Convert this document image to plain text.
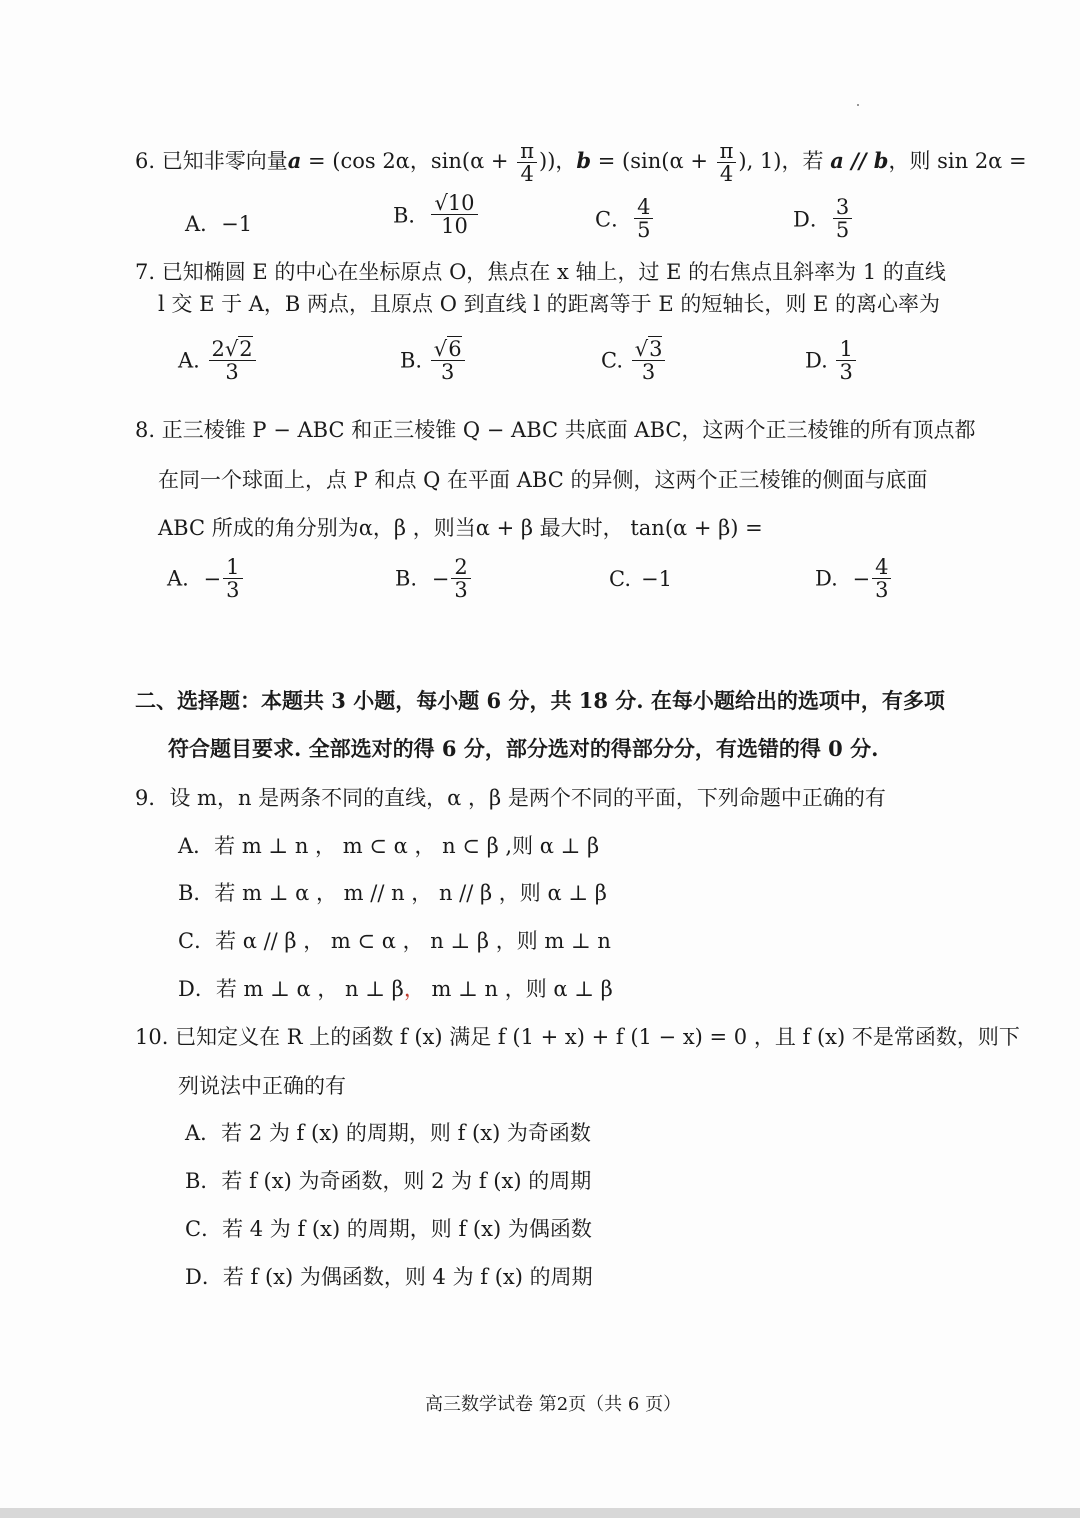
6. 已知非零向量a = (cos 2α，$\sin(\alpha + \frac{\pi}{4}$ ))，$b = (\sin(\alpha + \frac{\pi}{4}$ ), 1)，若 a // b，则 sin 2α =
A．−1	B． $\frac{√10}{10}$	C． $\frac{4}{5}$	D． $\frac{3}{5}$
7. 已知椭圆 E 的中心在坐标原点 O，焦点在 x 轴上，过 E 的右焦点且斜率为 1 的直线
l 交 E 于 A，B 两点，且原点 O 到直线 l 的距离等于 E 的短轴长，则 E 的离心率为
A. $\frac{2√2}{3}$	B. $\frac{√6}{3}$	C. $\frac{√3}{3}$	D. $\frac{1}{3}$
8. 正三棱锥 P − ABC 和正三棱锥 Q − ABC 共底面 ABC，这两个正三棱锥的所有顶点都
在同一个球面上，点 P 和点 Q 在平面 ABC 的异侧，这两个正三棱锥的侧面与底面
ABC 所成的角分别为α，β ，则当α + β 最大时， tan(α + β) =
A. − $\frac{1}{3}$	B. − $\frac{2}{3}$	C. −1	D. − $\frac{4}{3}$
二、选择题：本题共 3 小题，每小题 6 分，共 18 分. 在每小题给出的选项中，有多项
符合题目要求. 全部选对的得 6 分，部分选对的得部分分，有选错的得 0 分.
9．设 m，n 是两条不同的直线，α ，β 是两个不同的平面，下列命题中正确的有
A．若 m ⊥ n ， m ⊂ α ， n ⊂ β ,则 α ⊥ β
B．若 m ⊥ α ， m // n ， n // β ，则 α ⊥ β
C．若 α // β ， m ⊂ α ， n ⊥ β ，则 m ⊥ n
D．若 m ⊥ α ， n ⊥ β， m ⊥ n ，则 α ⊥ β
10. 已知定义在 R 上的函数 f (x) 满足 f (1 + x) + f (1 − x) = 0 ，且 f (x) 不是常函数，则下
列说法中正确的有
A．若 2 为 f (x) 的周期，则 f (x) 为奇函数
B．若 f (x) 为奇函数，则 2 为 f (x) 的周期
C．若 4 为 f (x) 的周期，则 f (x) 为偶函数
D．若 f (x) 为偶函数，则 4 为 f (x) 的周期
高三数学试卷 第2页（共 6 页）
